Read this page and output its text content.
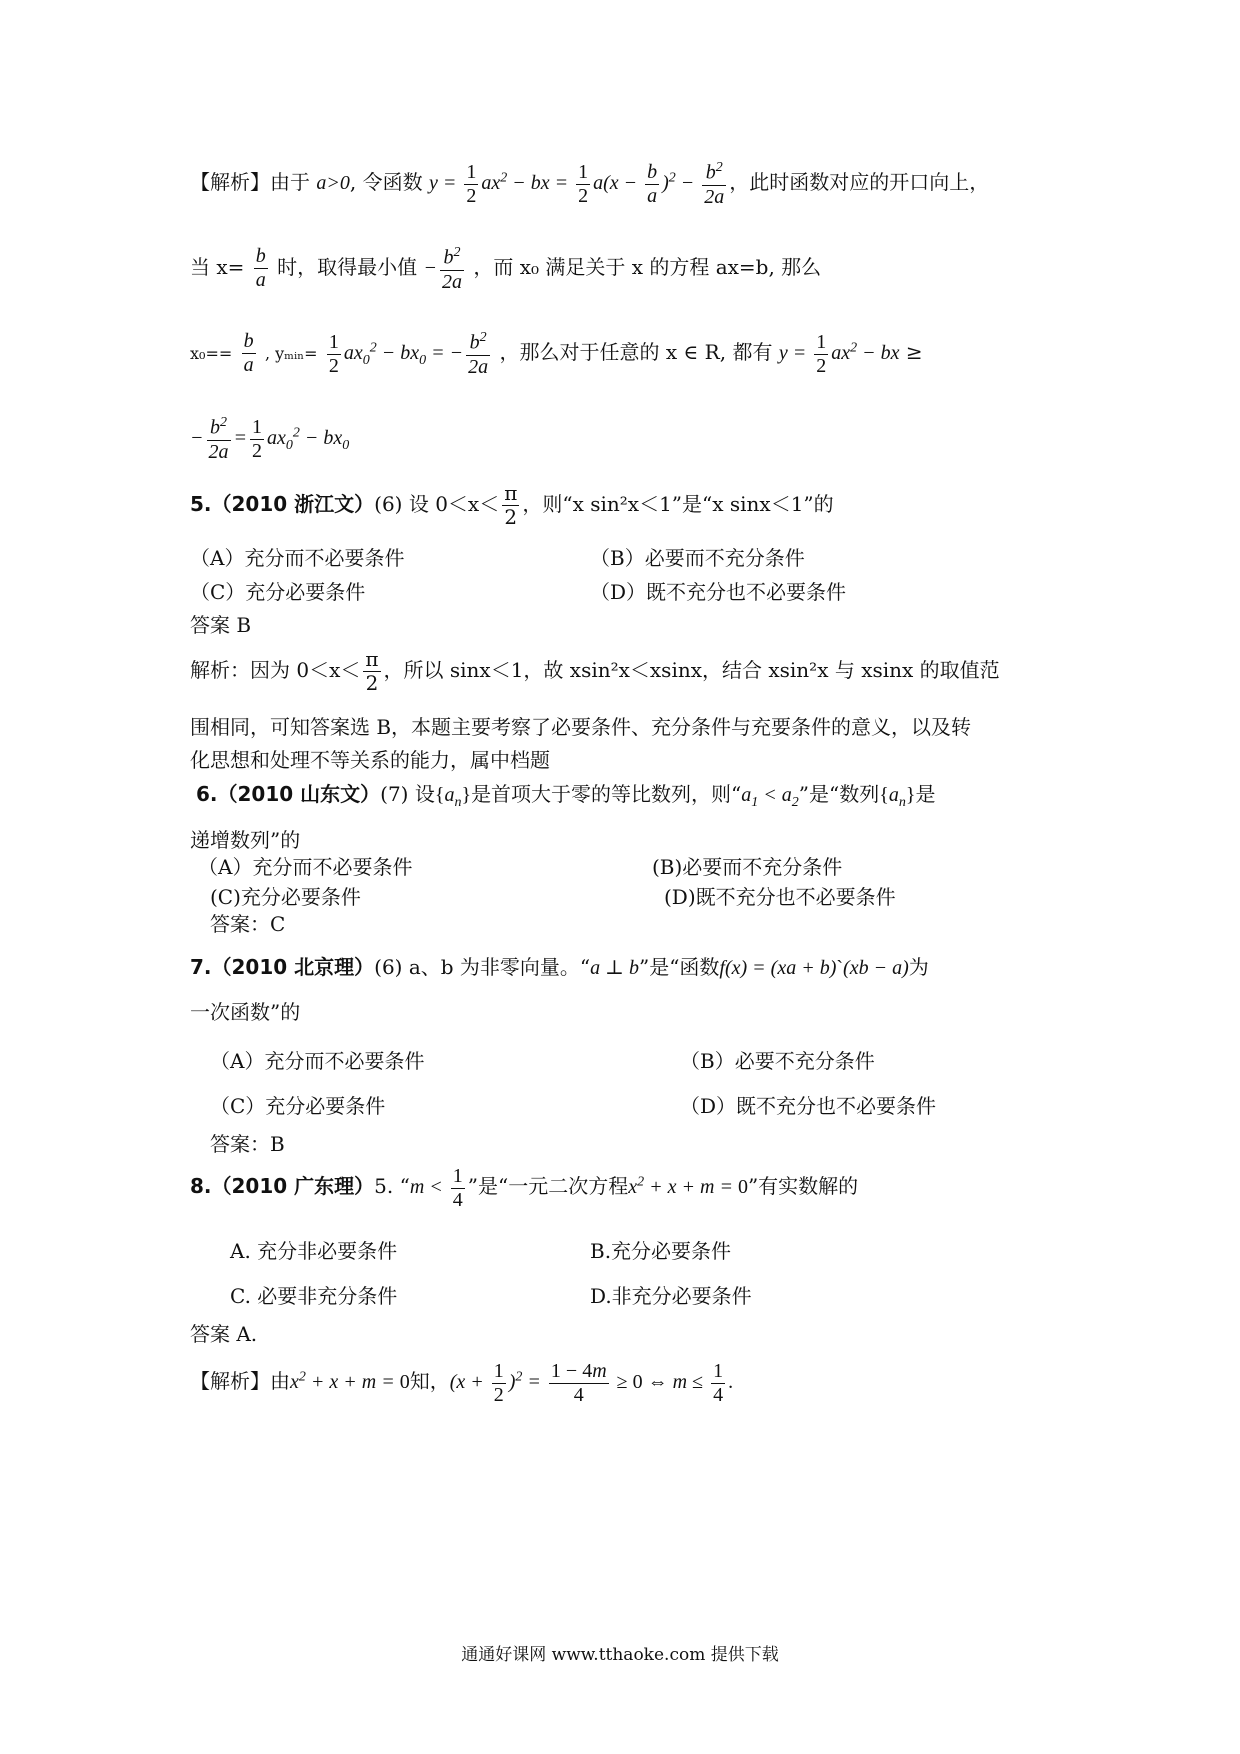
【解析】由于 a>0, 令函数 $y = \frac{1}{2} ax^2$ − bx = $\frac{1}{2} a(x - \frac{b}{a} )^2 - \frac{b^2}{2a}$ ，此时函数对应的开口向上，
当 $x= \frac{b}{a}$ 时，取得最小值 − $\frac{b^2}{2a}$ ，而 x₀ 满足关于 x 的方程 ax=b, 那么
$x_0== \frac{b}{a}$ , yₘᵢₙ= $\frac{1}{2} ax_0^2 - bx_0$ = − $\frac{b^2}{2a}$ ，那么对于任意的 x ∈ R, 都有 $y = \frac{1}{2} ax^2$ − bx ≥
− $\frac{b^2}{2a} = \frac{1}{2} ax_0^2 - bx_0$
5.（2010 浙江文）(6) 设 $0<x< \frac{\pi}{2}$ ，则“x sin²x＜1”是“x sinx＜1”的
（A）充分而不必要条件	（B）必要而不充分条件
（C）充分必要条件	（D）既不充分也不必要条件
答案 B
解析：因为 $0<x< \frac{\pi}{2}$ ，所以 sinx＜1，故 xsin²x＜xsinx，结合 xsin²x 与 xsinx 的取值范
围相同，可知答案选 B，本题主要考察了必要条件、充分条件与充要条件的意义，以及转
化思想和处理不等关系的能力，属中档题
6.（2010 山东文）(7) 设$\{a_n\}$是首项大于零的等比数列，则“$a_1 < a_2$”是“数列$\{a_n\}$是
递增数列”的
（A）充分而不必要条件	(B)必要而不充分条件
(C)充分必要条件	(D)既不充分也不必要条件
答案：C
7.（2010 北京理）(6) a、b 为非零向量。“a ⊥ b”是“函数f(x) = (xa + b)ˋ(xb − a)为
一次函数”的
（A）充分而不必要条件	（B）必要不充分条件
（C）充分必要条件	（D）既不充分也不必要条件
答案：B
8.（2010 广东理）5. “$m < \frac{1}{4}$ ”是“一元二次方程$x^2 + x + m = 0$”有实数解的
A. 充分非必要条件	B.充分必要条件
C. 必要非充分条件	D.非充分必要条件
答案 A.
【解析】由$x^2 + x + m = 0$知，$(x + \frac{1}{2} )^2 = \frac{1 - 4m}{4} \ge 0$ ⇔ $m \le \frac{1}{4}$ .
通通好课网 www.tthaoke.com 提供下载
